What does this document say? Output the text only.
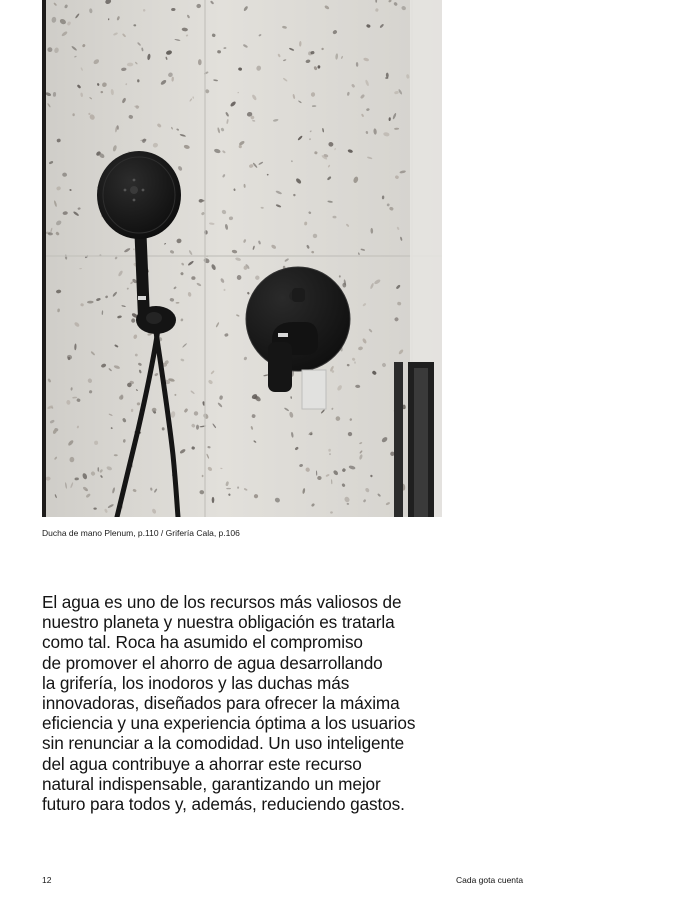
Ducha de mano Plenum, p.110 / Grifería Cala, p.106

El agua es uno de los recursos más valiosos de
nuestro planeta y nuestra obligación es tratarla
como tal. Roca ha asumido el compromiso
de promover el ahorro de agua desarrollando
la grifería, los inodoros y las duchas más
innovadoras, diseñados para ofrecer la máxima
eficiencia y una experiencia óptima a los usuarios
sin renunciar a la comodidad. Un uso inteligente
del agua contribuye a ahorrar este recurso
natural indispensable, garantizando un mejor
futuro para todos y, además, reduciendo gastos.

12	Cada gota cuenta
